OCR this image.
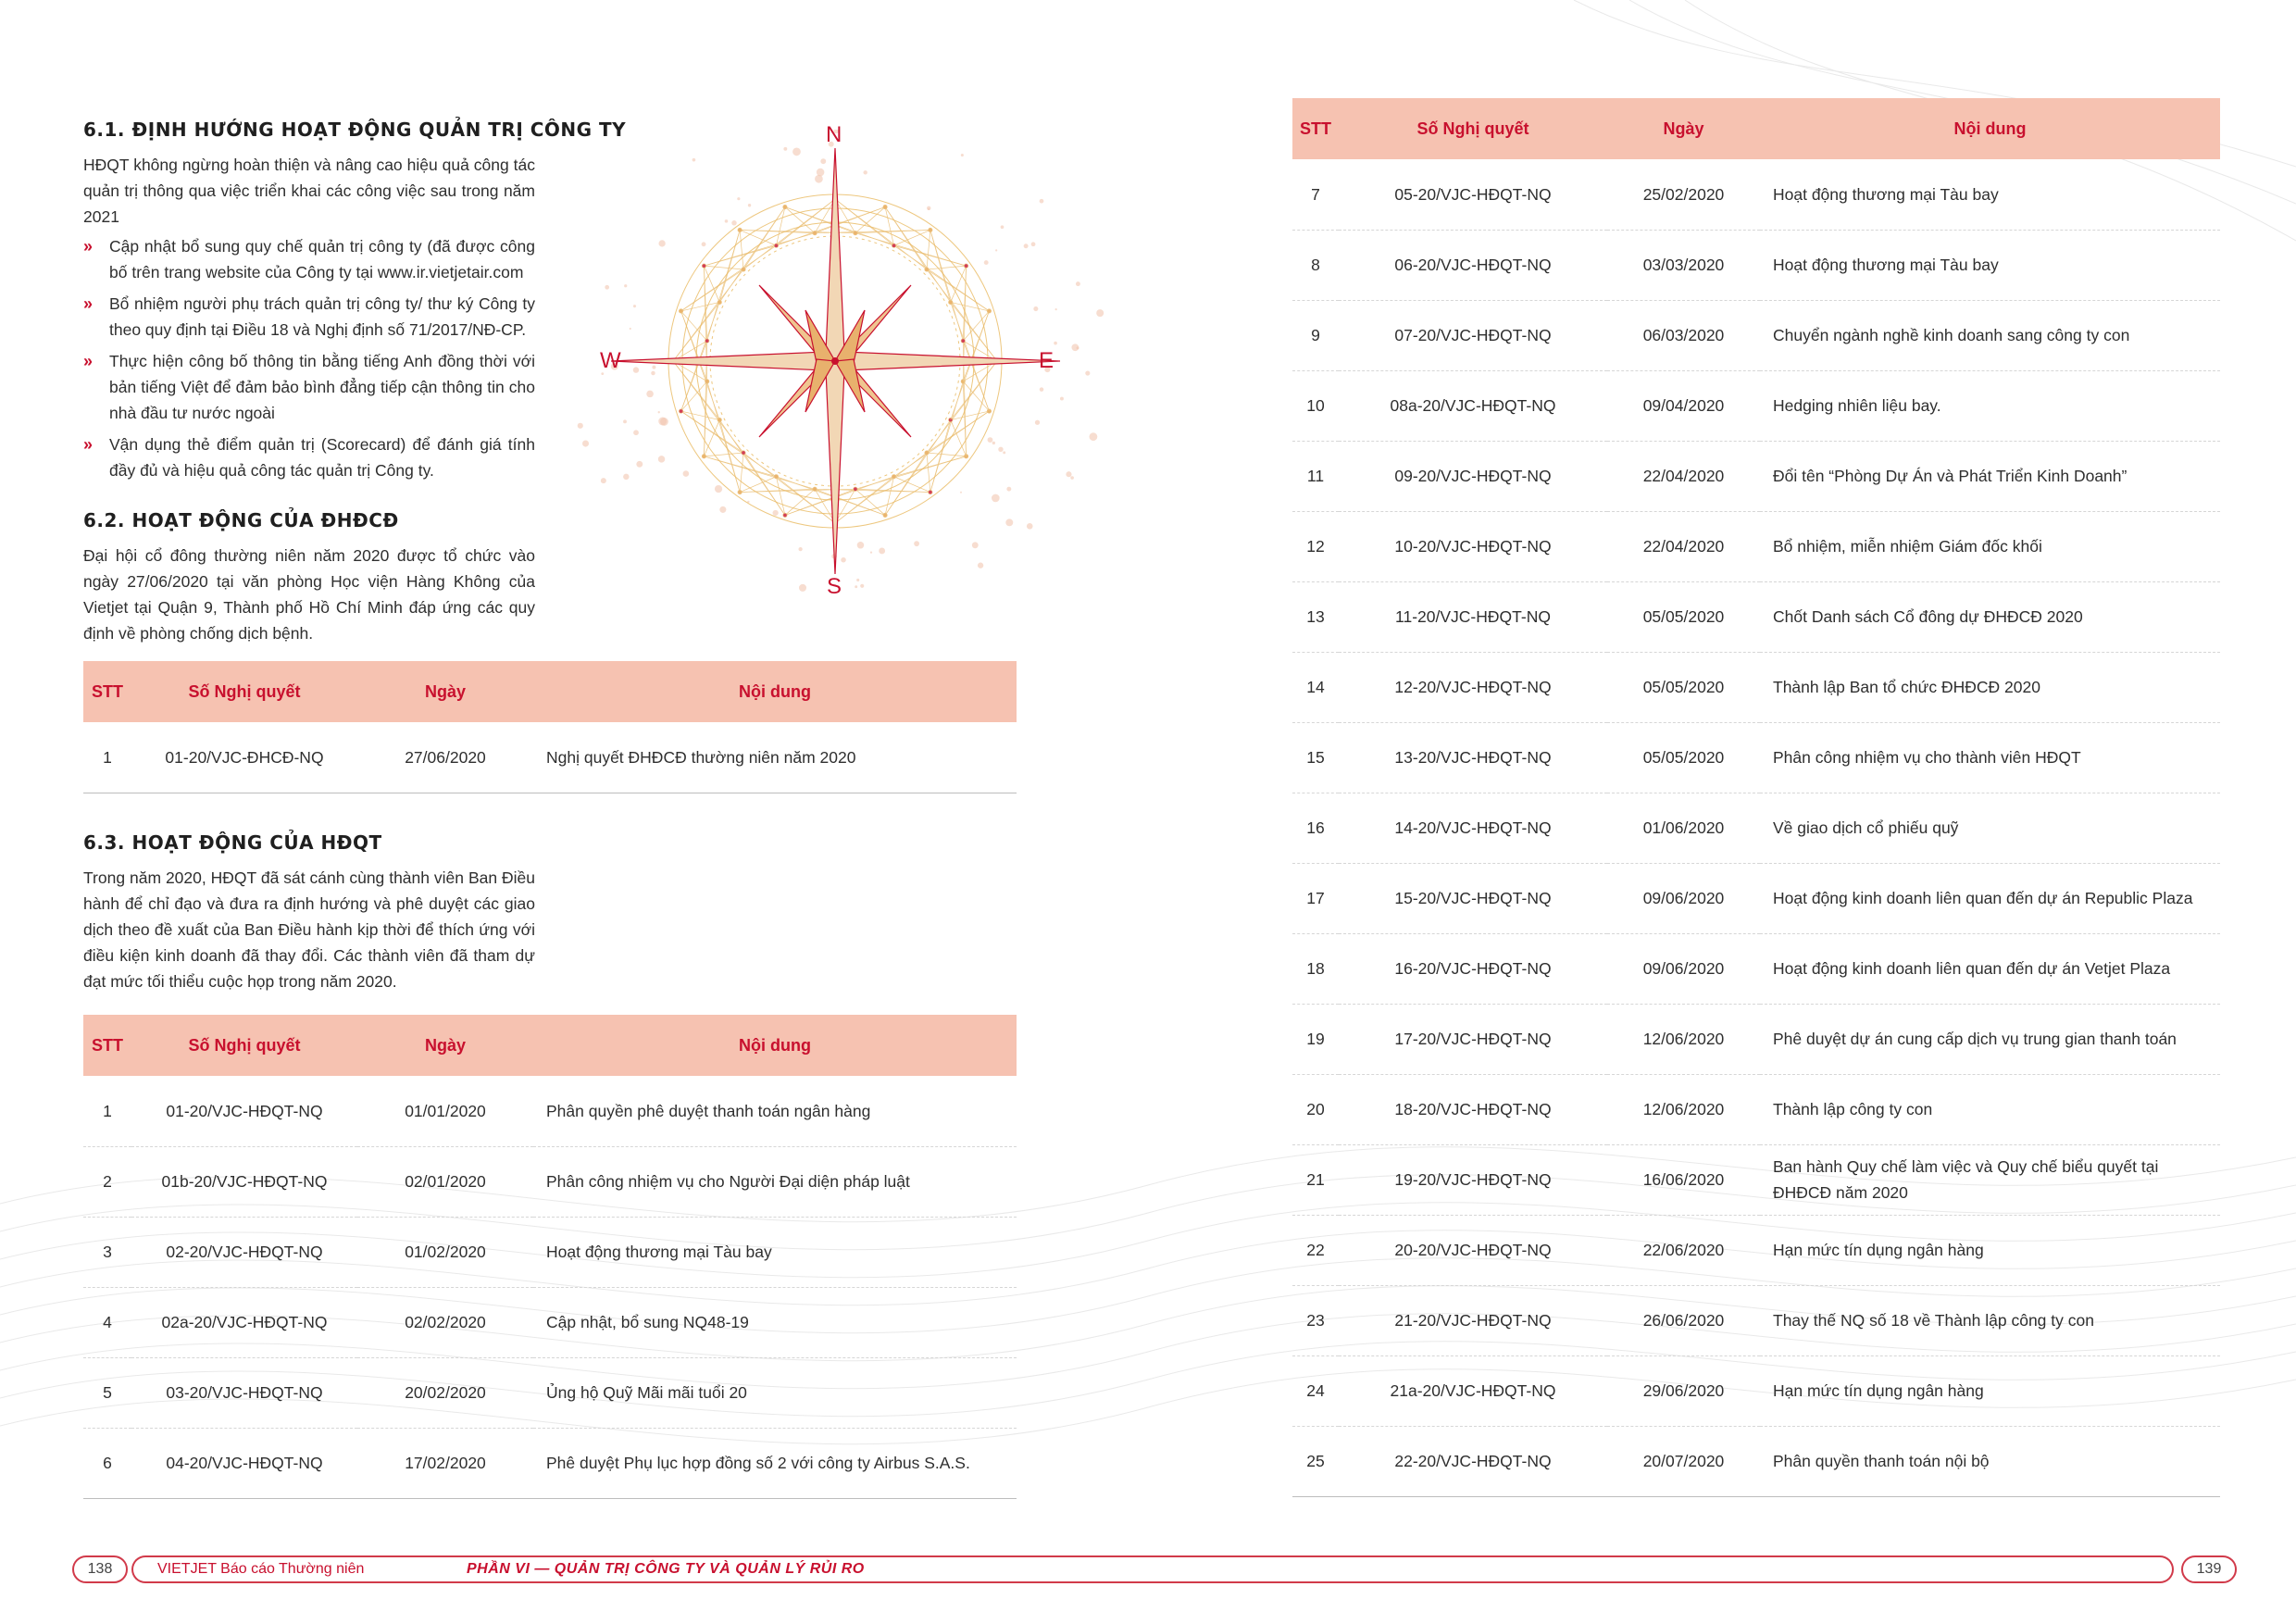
6.1. ĐỊNH HƯỚNG HOẠT ĐỘNG QUẢN TRỊ CÔNG TY

HĐQT không ngừng hoàn thiện và nâng cao hiệu quả công tác quản trị thông qua việc triển khai các công việc sau trong năm 2021

» Cập nhật bổ sung quy chế quản trị công ty (đã được công bố trên trang website của Công ty tại www.ir.vietjetair.com
» Bổ nhiệm người phụ trách quản trị công ty/ thư ký Công ty theo quy định tại Điều 18 và Nghị định số 71/2017/NĐ-CP.
» Thực hiện công bố thông tin bằng tiếng Anh đồng thời với bản tiếng Việt để đảm bảo bình đẳng tiếp cận thông tin cho nhà đầu tư nước ngoài
» Vận dụng thẻ điểm quản trị (Scorecard) để đánh giá tính đầy đủ và hiệu quả công tác quản trị Công ty.
6.2. HOẠT ĐỘNG CỦA ĐHĐCĐ

Đại hội cổ đông thường niên năm 2020 được tổ chức vào ngày 27/06/2020 tại văn phòng Học viện Hàng Không của Vietjet tại Quận 9, Thành phố Hồ Chí Minh đáp ứng các quy định về phòng chống dịch bệnh.

STT	Số Nghị quyết	Ngày	Nội dung
1	01-20/VJC-ĐHCĐ-NQ	27/06/2020	Nghị quyết ĐHĐCĐ thường niên năm 2020
6.3. HOẠT ĐỘNG CỦA HĐQT

Trong năm 2020, HĐQT đã sát cánh cùng thành viên Ban Điều hành để chỉ đạo và đưa ra định hướng và phê duyệt các giao dịch theo đề xuất của Ban Điều hành kịp thời để thích ứng với điều kiện kinh doanh đã thay đổi. Các thành viên đã tham dự đạt mức tối thiểu cuộc họp trong năm 2020.

STT	Số Nghị quyết	Ngày	Nội dung
1	01-20/VJC-HĐQT-NQ	01/01/2020	Phân quyền phê duyệt thanh toán ngân hàng
2	01b-20/VJC-HĐQT-NQ	02/01/2020	Phân công nhiệm vụ cho Người Đại diện pháp luật
3	02-20/VJC-HĐQT-NQ	01/02/2020	Hoạt động thương mại Tàu bay
4	02a-20/VJC-HĐQT-NQ	02/02/2020	Cập nhật, bổ sung NQ48-19
5	03-20/VJC-HĐQT-NQ	20/02/2020	Ủng hộ Quỹ Mãi mãi tuổi 20
6	04-20/VJC-HĐQT-NQ	17/02/2020	Phê duyệt Phụ lục hợp đồng số 2 với công ty Airbus S.A.S.
N
S
W	E
138	VIETJET Báo cáo Thường niên	PHẦN VI — QUẢN TRỊ CÔNG TY VÀ QUẢN LÝ RỦI RO
STT	Số Nghị quyết	Ngày	Nội dung
7	05-20/VJC-HĐQT-NQ	25/02/2020	Hoạt động thương mại Tàu bay
8	06-20/VJC-HĐQT-NQ	03/03/2020	Hoạt động thương mại Tàu bay
9	07-20/VJC-HĐQT-NQ	06/03/2020	Chuyển ngành nghề kinh doanh sang công ty con
10	08a-20/VJC-HĐQT-NQ	09/04/2020	Hedging nhiên liệu bay.
11	09-20/VJC-HĐQT-NQ	22/04/2020	Đổi tên “Phòng Dự Án và Phát Triển Kinh Doanh”
12	10-20/VJC-HĐQT-NQ	22/04/2020	Bổ nhiệm, miễn nhiệm Giám đốc khối
13	11-20/VJC-HĐQT-NQ	05/05/2020	Chốt Danh sách Cổ đông dự ĐHĐCĐ 2020
14	12-20/VJC-HĐQT-NQ	05/05/2020	Thành lập Ban tổ chức ĐHĐCĐ 2020
15	13-20/VJC-HĐQT-NQ	05/05/2020	Phân công nhiệm vụ cho thành viên HĐQT
16	14-20/VJC-HĐQT-NQ	01/06/2020	Về giao dịch cổ phiếu quỹ
17	15-20/VJC-HĐQT-NQ	09/06/2020	Hoạt động kinh doanh liên quan đến dự án Republic Plaza
18	16-20/VJC-HĐQT-NQ	09/06/2020	Hoạt động kinh doanh liên quan đến dự án Vetjet Plaza
19	17-20/VJC-HĐQT-NQ	12/06/2020	Phê duyệt dự án cung cấp dịch vụ trung gian thanh toán
20	18-20/VJC-HĐQT-NQ	12/06/2020	Thành lập công ty con
21	19-20/VJC-HĐQT-NQ	16/06/2020	Ban hành Quy chế làm việc và Quy chế biểu quyết tại ĐHĐCĐ năm 2020
22	20-20/VJC-HĐQT-NQ	22/06/2020	Hạn mức tín dụng ngân hàng
23	21-20/VJC-HĐQT-NQ	26/06/2020	Thay thế NQ số 18 về Thành lập công ty con
24	21a-20/VJC-HĐQT-NQ	29/06/2020	Hạn mức tín dụng ngân hàng
25	22-20/VJC-HĐQT-NQ	20/07/2020	Phân quyền thanh toán nội bộ
139
